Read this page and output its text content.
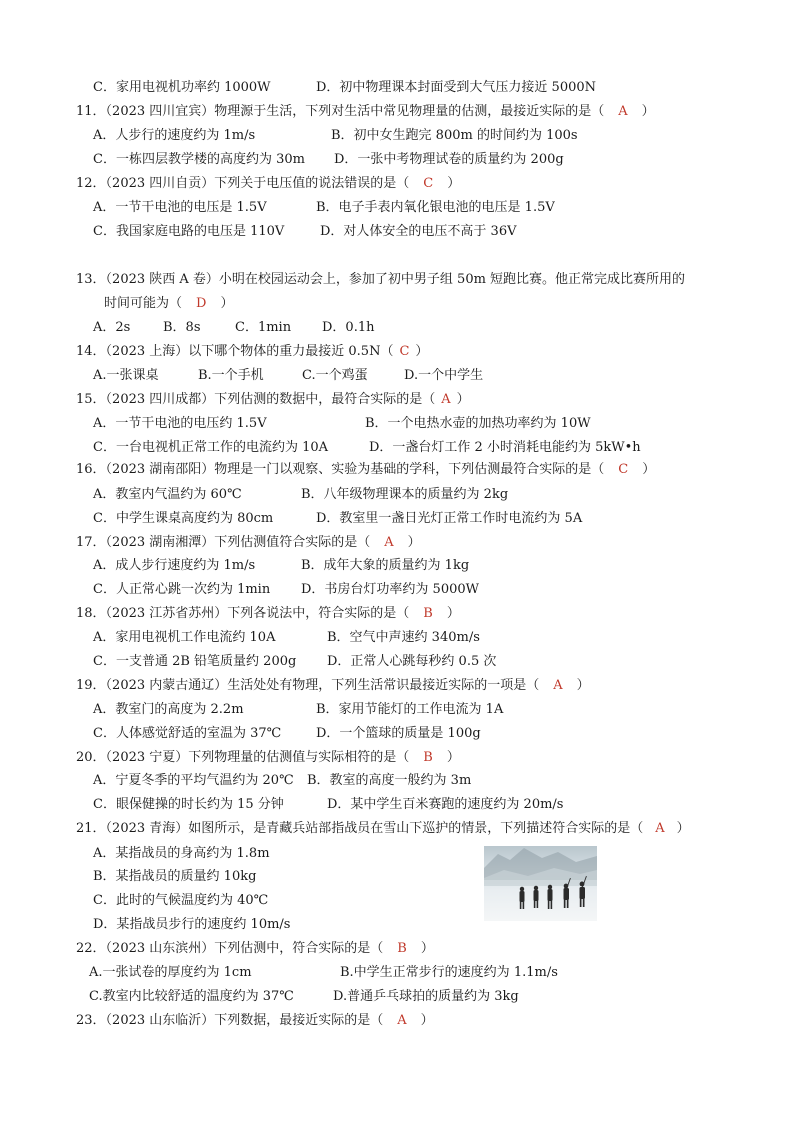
C．家用电视机功率约 1000W	D．初中物理课本封面受到大气压力接近 5000N
11．（2023 四川宜宾）物理源于生活，下列对生活中常见物理量的估测，最接近实际的是（ A ）
A．人步行的速度约为 1m/s	B．初中女生跑完 800m 的时间约为 100s
C．一栋四层教学楼的高度约为 30m D．一张中考物理试卷的质量约为 200g
12．（2023 四川自贡）下列关于电压值的说法错误的是（ C ）
A．一节干电池的电压是 1.5V	B．电子手表内氧化银电池的电压是 1.5V
C．我国家庭电路的电压是 110V	D．对人体安全的电压不高于 36V
13．（2023 陕西 A 卷）小明在校园运动会上，参加了初中男子组 50m 短跑比赛。他正常完成比赛所用的
时间可能为（ D ）
A．2s	B．8s	C．1min D．0.1h
14．（2023 上海）以下哪个物体的重力最接近 0.5N（ C ）
A.一张课桌	B.一个手机	C.一个鸡蛋	D.一个中学生
15．（2023 四川成都）下列估测的数据中，最符合实际的是（ A ）
A．一节干电池的电压约 1.5V	B．一个电热水壶的加热功率约为 10W
C．一台电视机正常工作的电流约为 10A	D．一盏台灯工作 2 小时消耗电能约为 5kW•h
16．（2023 湖南邵阳）物理是一门以观察、实验为基础的学科，下列估测最符合实际的是（ C ）
A．教室内气温约为 60℃	B．八年级物理课本的质量约为 2kg
C．中学生课桌高度约为 80cm	D．教室里一盏日光灯正常工作时电流约为 5A
17．（2023 湖南湘潭）下列估测值符合实际的是（ A ）
A．成人步行速度约为 1m/s	B．成年大象的质量约为 1kg
C．人正常心跳一次约为 1min D．书房台灯功率约为 5000W
18．（2023 江苏省苏州）下列各说法中，符合实际的是（ B ）
A．家用电视机工作电流约 10A	B．空气中声速约 340m/s
C．一支普通 2B 铅笔质量约 200g D．正常人心跳每秒约 0.5 次
19．（2023 内蒙古通辽）生活处处有物理，下列生活常识最接近实际的一项是（ A ）
A．教室门的高度为 2.2m	B．家用节能灯的工作电流为 1A
C．人体感觉舒适的室温为 37℃	D．一个篮球的质量是 100g
20．（2023 宁夏）下列物理量的估测值与实际相符的是（ B ）
A．宁夏冬季的平均气温约为 20℃ B．教室的高度一般约为 3m
C．眼保健操的时长约为 15 分钟	D．某中学生百米赛跑的速度约为 20m/s
21．（2023 青海）如图所示，是青藏兵站部指战员在雪山下巡护的情景，下列描述符合实际的是（ A ）
A．某指战员的身高约为 1.8m
B．某指战员的质量约 10kg
C．此时的气候温度约为 40℃
D．某指战员步行的速度约 10m/s
22．（2023 山东滨州）下列估测中，符合实际的是（ B ）
A.一张试卷的厚度约为 1cm	B.中学生正常步行的速度约为 1.1m/s
C.教室内比较舒适的温度约为 37℃	D.普通乒乓球拍的质量约为 3kg
23．（2023 山东临沂）下列数据，最接近实际的是（ A ）
